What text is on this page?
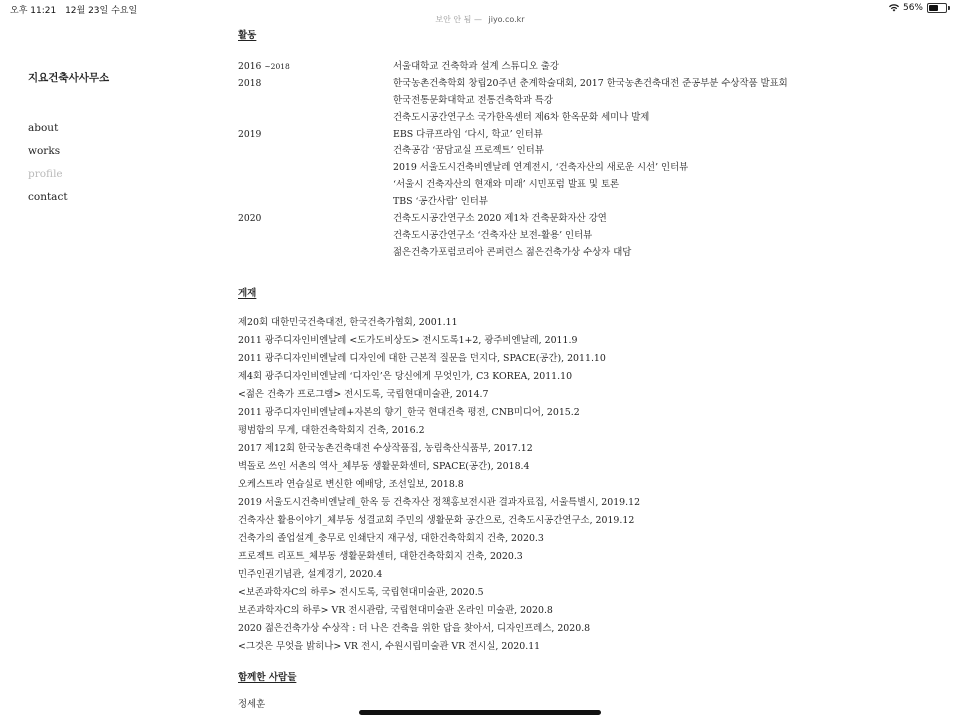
오후 11:21 12월 23일 수요일
보안 안 됨 — jiyo.co.kr
56%
지요건축사사무소
about
works
profile
contact
활동
2016 ~2018	서울대학교 건축학과 설계 스튜디오 출강
2018	한국농촌건축학회 창립20주년 춘계학술대회, 2017 한국농촌건축대전 준공부분 수상작품 발표회
한국전통문화대학교 전통건축학과 특강
건축도시공간연구소 국가한옥센터 제6차 한옥문화 세미나 발제
2019	EBS 다큐프라임 ‘다시, 학교’ 인터뷰
건축공감 ‘꿈담교실 프로젝트’ 인터뷰
2019 서울도시건축비엔날레 연계전시, ‘건축자산의 새로운 시선’ 인터뷰
‘서울시 건축자산의 현재와 미래’ 시민포럼 발표 및 토론
TBS ‘공간사람’ 인터뷰
2020	건축도시공간연구소 2020 제1차 건축문화자산 강연
건축도시공간연구소 ‘건축자산 보전-활용’ 인터뷰
젊은건축가포럼코리아 콘퍼런스 젊은건축가상 수상자 대담
게재
제20회 대한민국건축대전, 한국건축가협회, 2001.11
2011 광주디자인비엔날레 <도가도비상도> 전시도록1+2, 광주비엔날레, 2011.9
2011 광주디자인비엔날레 디자인에 대한 근본적 질문을 던지다, SPACE(공간), 2011.10
제4회 광주디자인비엔날레 ‘디자인’은 당신에게 무엇인가, C3 KOREA, 2011.10
<젊은 건축가 프로그램> 전시도록, 국립현대미술관, 2014.7
2011 광주디자인비엔날레+자본의 향기_한국 현대건축 평전, CNB미디어, 2015.2
평범함의 무게, 대한건축학회지 건축, 2016.2
2017 제12회 한국농촌건축대전 수상작품집, 농림축산식품부, 2017.12
벽돌로 쓰인 서촌의 역사_체부동 생활문화센터, SPACE(공간), 2018.4
오케스트라 연습실로 변신한 예배당, 조선일보, 2018.8
2019 서울도시건축비엔날레_한옥 등 건축자산 정책홍보전시관 결과자료집, 서울특별시, 2019.12
건축자산 활용이야기_체부동 성결교회 주민의 생활문화 공간으로, 건축도시공간연구소, 2019.12
건축가의 졸업설계_충무로 인쇄단지 재구성, 대한건축학회지 건축, 2020.3
프로젝트 리포트_체부동 생활문화센터, 대한건축학회지 건축, 2020.3
민주인권기념관, 설계경기, 2020.4
<보존과학자C의 하루> 전시도록, 국립현대미술관, 2020.5
보존과학자C의 하루> VR 전시관람, 국립현대미술관 온라인 미술관, 2020.8
2020 젊은건축가상 수상작 : 더 나은 건축을 위한 답을 찾아서, 디자인프레스, 2020.8
<그것은 무엇을 밝히나> VR 전시, 수원시립미술관 VR 전시실, 2020.11
함께한 사람들
정세훈
